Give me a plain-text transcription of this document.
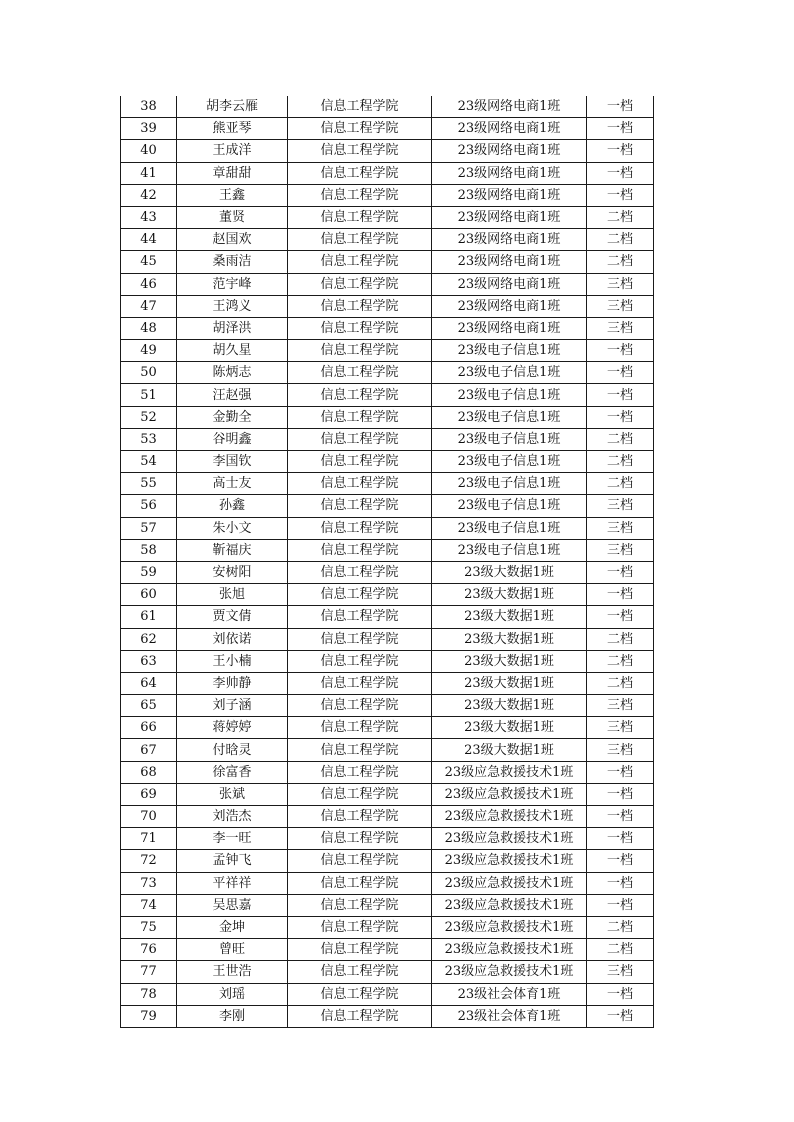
38	胡李云雁	信息工程学院	23级网络电商1班	一档
39	熊亚琴	信息工程学院	23级网络电商1班	一档
40	王成洋	信息工程学院	23级网络电商1班	一档
41	章甜甜	信息工程学院	23级网络电商1班	一档
42	王鑫	信息工程学院	23级网络电商1班	一档
43	董贤	信息工程学院	23级网络电商1班	二档
44	赵国欢	信息工程学院	23级网络电商1班	二档
45	桑雨洁	信息工程学院	23级网络电商1班	二档
46	范宇峰	信息工程学院	23级网络电商1班	三档
47	王鸿义	信息工程学院	23级网络电商1班	三档
48	胡泽洪	信息工程学院	23级网络电商1班	三档
49	胡久星	信息工程学院	23级电子信息1班	一档
50	陈炳志	信息工程学院	23级电子信息1班	一档
51	汪赵强	信息工程学院	23级电子信息1班	一档
52	金勤全	信息工程学院	23级电子信息1班	一档
53	谷明鑫	信息工程学院	23级电子信息1班	二档
54	李国钦	信息工程学院	23级电子信息1班	二档
55	高士友	信息工程学院	23级电子信息1班	二档
56	孙鑫	信息工程学院	23级电子信息1班	三档
57	朱小文	信息工程学院	23级电子信息1班	三档
58	靳福庆	信息工程学院	23级电子信息1班	三档
59	安树阳	信息工程学院	23级大数据1班	一档
60	张旭	信息工程学院	23级大数据1班	一档
61	贾文倩	信息工程学院	23级大数据1班	一档
62	刘依诺	信息工程学院	23级大数据1班	二档
63	王小楠	信息工程学院	23级大数据1班	二档
64	李帅静	信息工程学院	23级大数据1班	二档
65	刘子涵	信息工程学院	23级大数据1班	三档
66	蒋婷婷	信息工程学院	23级大数据1班	三档
67	付晗灵	信息工程学院	23级大数据1班	三档
68	徐富香	信息工程学院	23级应急救援技术1班	一档
69	张斌	信息工程学院	23级应急救援技术1班	一档
70	刘浩杰	信息工程学院	23级应急救援技术1班	一档
71	李一旺	信息工程学院	23级应急救援技术1班	一档
72	孟钟飞	信息工程学院	23级应急救援技术1班	一档
73	平祥祥	信息工程学院	23级应急救援技术1班	一档
74	吴思嘉	信息工程学院	23级应急救援技术1班	一档
75	金坤	信息工程学院	23级应急救援技术1班	二档
76	曾旺	信息工程学院	23级应急救援技术1班	二档
77	王世浩	信息工程学院	23级应急救援技术1班	三档
78	刘瑶	信息工程学院	23级社会体育1班	一档
79	李刚	信息工程学院	23级社会体育1班	一档
